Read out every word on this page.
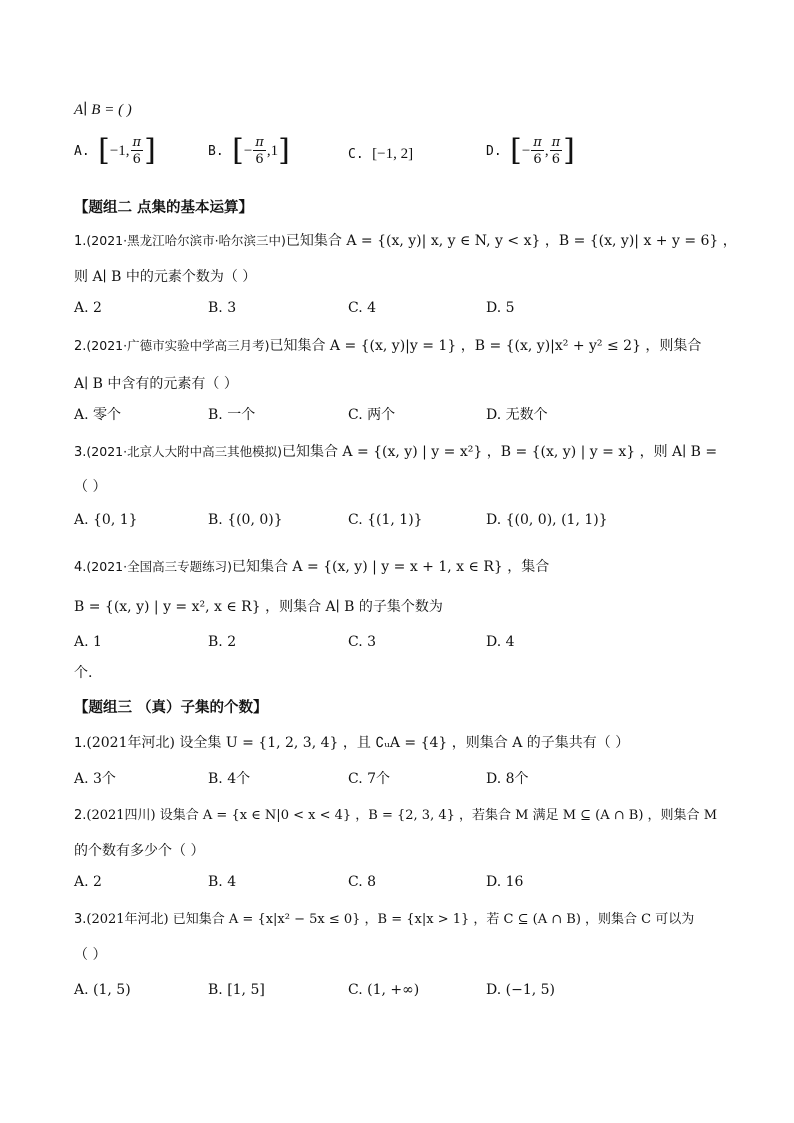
A∣ B = ( )
A. [−1, $\frac{\pi}{6}$ ]	B. [− $\frac{\pi}{6} ,1$]	C. [−1, 2]	D. [− $\frac{\pi}{6}$ , $\frac{\pi}{6}$ ]
【题组二 点集的基本运算】
1.(2021·黑龙江哈尔滨市·哈尔滨三中)已知集合 A = {(x, y)| x, y ∈ N, y < x} ，B = {(x, y)| x + y = 6} ，
则 A∣ B 中的元素个数为（ ）
A. 2	B. 3	C. 4	D. 5
2.(2021·广德市实验中学高三月考)已知集合 A = {(x, y)|y = 1} ，B = {(x, y)|x² + y² ≤ 2} ，则集合
A∣ B 中含有的元素有（ ）
A. 零个	B. 一个	C. 两个	D. 无数个
3.(2021·北京人大附中高三其他模拟)已知集合 A = {(x, y) | y = x²} ，B = {(x, y) | y = x} ，则 A∣ B =
（ ）
A. {0, 1}	B. {(0, 0)}	C. {(1, 1)}	D. {(0, 0), (1, 1)}
4.(2021·全国高三专题练习)已知集合 A = {(x, y) | y = x + 1, x ∈ R} ，集合
B = {(x, y) | y = x², x ∈ R} ，则集合 A∣ B 的子集个数为
A. 1	B. 2	C. 3	D. 4
个.
【题组三 （真）子集的个数】
1.(2021年河北) 设全集 U = {1, 2, 3, 4} ，且 ∁ᵤA = {4} ，则集合 A 的子集共有（ ）
A. 3个	B. 4个	C. 7个	D. 8个
2.(2021四川) 设集合 A = {x ∈ N|0 < x < 4} ，B = {2, 3, 4} ，若集合 M 满足 M ⊆ (A ∩ B) ，则集合 M
的个数有多少个（ ）
A. 2	B. 4	C. 8	D. 16
3.(2021年河北) 已知集合 A = {x|x² − 5x ≤ 0} ，B = {x|x > 1} ，若 C ⊆ (A ∩ B) ，则集合 C 可以为
（ ）
A. (1, 5)	B. [1, 5]	C. (1, +∞)	D. (−1, 5)
